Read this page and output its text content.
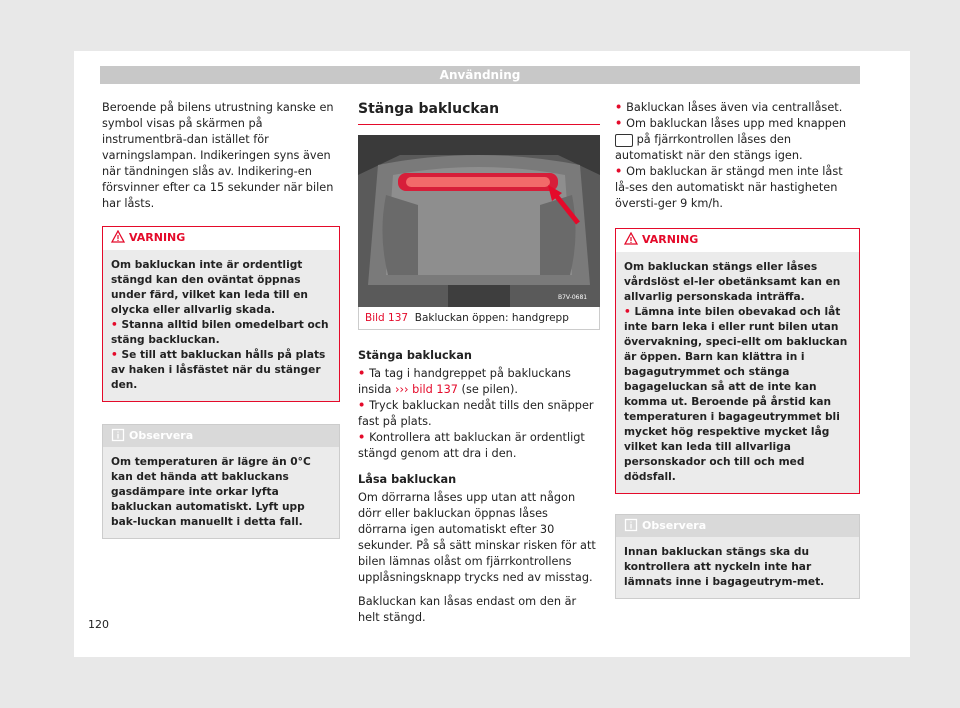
Användning

Beroende på bilens utrustning kanske en symbol visas på skärmen på instrumentbrä-dan istället för varningslampan. Indikeringen syns även när tändningen slås av. Indikering-en försvinner efter ca 15 sekunder när bilen har låsts.

VARNING

Om bakluckan inte är ordentligt stängd kan den oväntat öppnas under färd, vilket kan leda till en olycka eller allvarlig skada.

• Stanna alltid bilen omedelbart och stäng backluckan.

• Se till att bakluckan hålls på plats av haken i låsfästet när du stänger den.

Observera

Om temperaturen är lägre än 0°C kan det hända att bakluckans gasdämpare inte orkar lyfta bakluckan automatiskt. Lyft upp bak-luckan manuellt i detta fall.

Stänga bakluckan
B7V-0681
Bild 137 Bakluckan öppen: handgrepp

Stänga bakluckan

• Ta tag i handgreppet på bakluckans insida ››› bild 137 (se pilen).

• Tryck bakluckan nedåt tills den snäpper fast på plats.

• Kontrollera att bakluckan är ordentligt stängd genom att dra i den.

Låsa bakluckan

Om dörrarna låses upp utan att någon dörr eller bakluckan öppnas låses dörrarna igen automatiskt efter 30 sekunder. På så sätt minskar risken för att bilen lämnas olåst om fjärrkontrollens upplåsningsknapp trycks ned av misstag.

Bakluckan kan låsas endast om den är helt stängd.

• Bakluckan låses även via centrallåset.

• Om bakluckan låses upp med knappen  på fjärrkontrollen låses den automatiskt när den stängs igen.

• Om bakluckan är stängd men inte låst lå-ses den automatiskt när hastigheten översti-ger 9 km/h.

VARNING

Om bakluckan stängs eller låses vårdslöst el-ler obetänksamt kan en allvarlig personskada inträffa.

• Lämna inte bilen obevakad och låt inte barn leka i eller runt bilen utan övervakning, speci-ellt om bakluckan är öppen. Barn kan klättra in i bagagutrymmet och stänga bagageluckan så att de inte kan komma ut. Beroende på årstid kan temperaturen i bagageutrymmet bli mycket hög respektive mycket låg vilket kan leda till allvarliga personskador och till och med dödsfall.

Observera

Innan bakluckan stängs ska du kontrollera att nyckeln inte har lämnats inne i bagageutrym-met.

120
